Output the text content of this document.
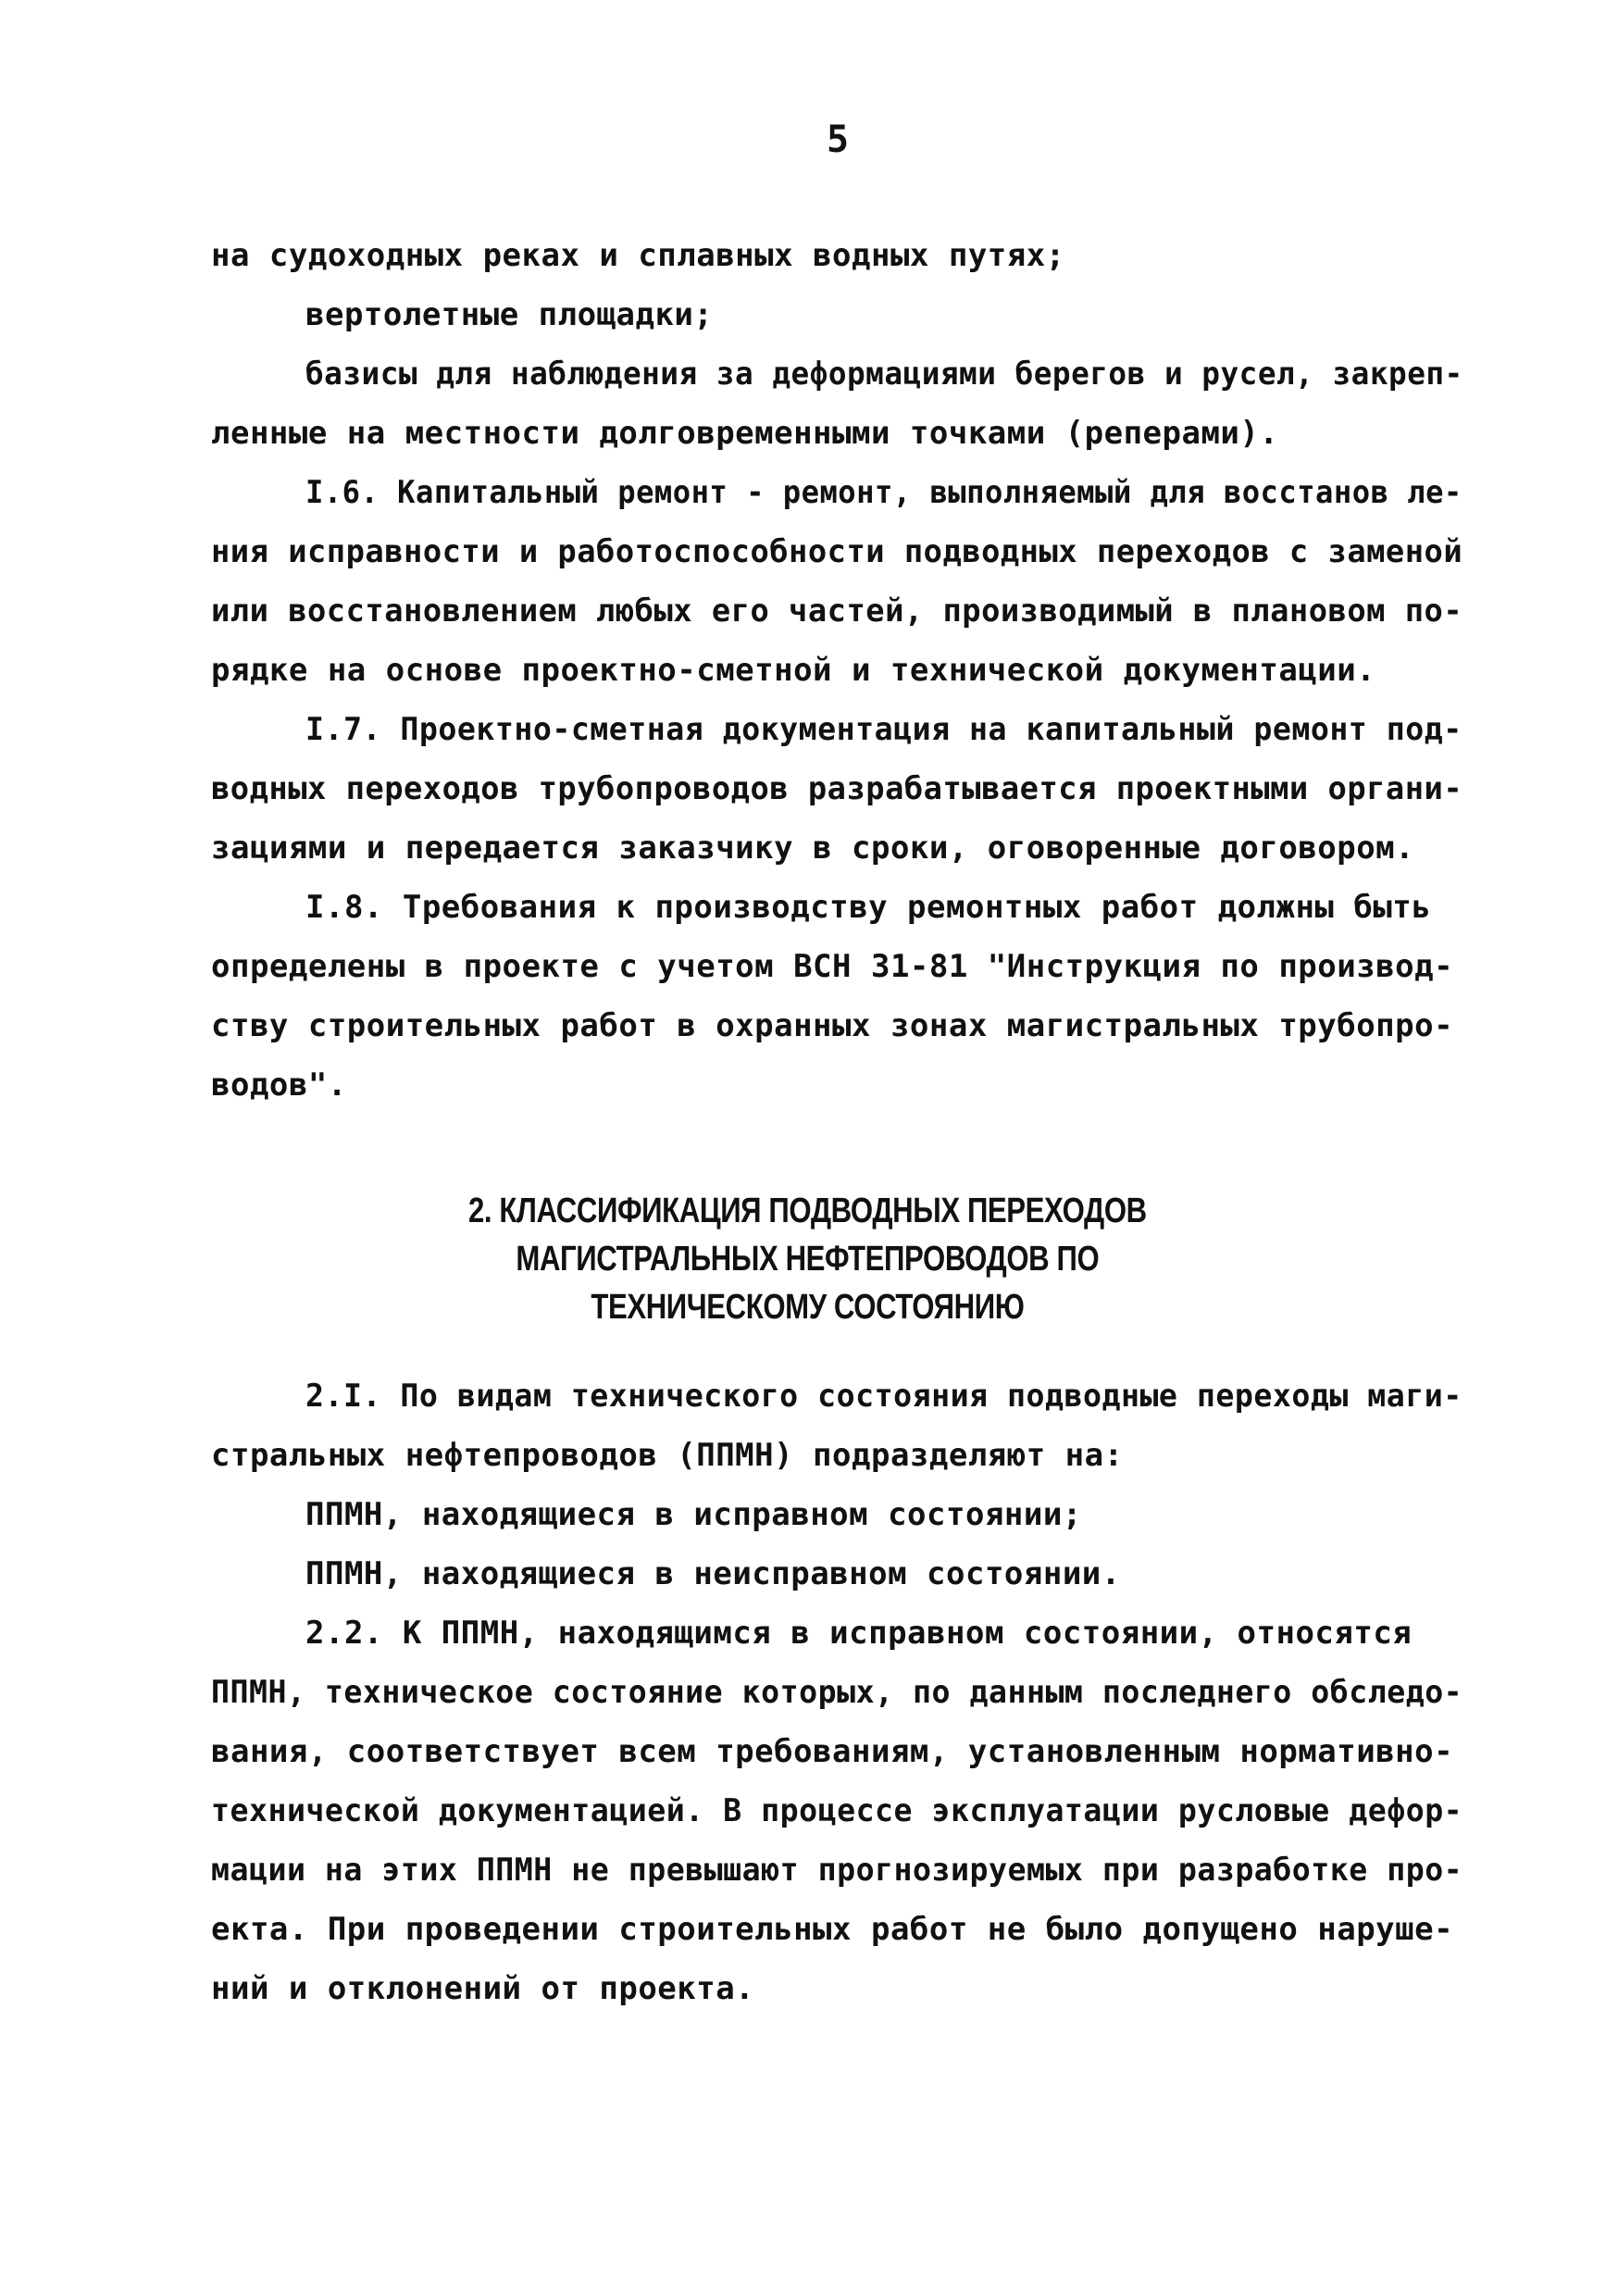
5
на судоходных реках и сплавных водных путях;
вертолетные площадки;
базисы для наблюдения за деформациями берегов и русел, закреп-
ленные на местности долговременными точками (реперами).
I.6. Капитальный ремонт - ремонт, выполняемый для восстанов ле-
ния исправности и работоспособности подводных переходов с заменой
или восстановлением любых его частей, производимый в плановом по-
рядке на основе проектно-сметной и технической документации.
I.7. Проектно-сметная документация на капитальный ремонт под-
водных переходов трубопроводов разрабатывается проектными органи-
зациями и передается заказчику в сроки, оговоренные договором.
I.8. Требования к производству ремонтных работ должны быть
определены в проекте с учетом ВСН 31-81 "Инструкция по производ-
ству строительных работ в охранных зонах магистральных трубопро-
водов".
2. КЛАССИФИКАЦИЯ ПОДВОДНЫХ ПЕРЕХОДОВ
МАГИСТРАЛЬНЫХ НЕФТЕПРОВОДОВ ПО
ТЕХНИЧЕСКОМУ СОСТОЯНИЮ
2.I. По видам технического состояния подводные переходы маги-
стральных нефтепроводов (ППМН) подразделяют на:
ППМН, находящиеся в исправном состоянии;
ППМН, находящиеся в неисправном состоянии.
2.2. К ППМН, находящимся в исправном состоянии, относятся
ППМН, техническое состояние которых, по данным последнего обследо-
вания, соответствует всем требованиям, установленным нормативно-
технической документацией. В процессе эксплуатации русловые дефор-
мации на этих ППМН не превышают прогнозируемых при разработке про-
екта. При проведении строительных работ не было допущено наруше-
ний и отклонений от проекта.
